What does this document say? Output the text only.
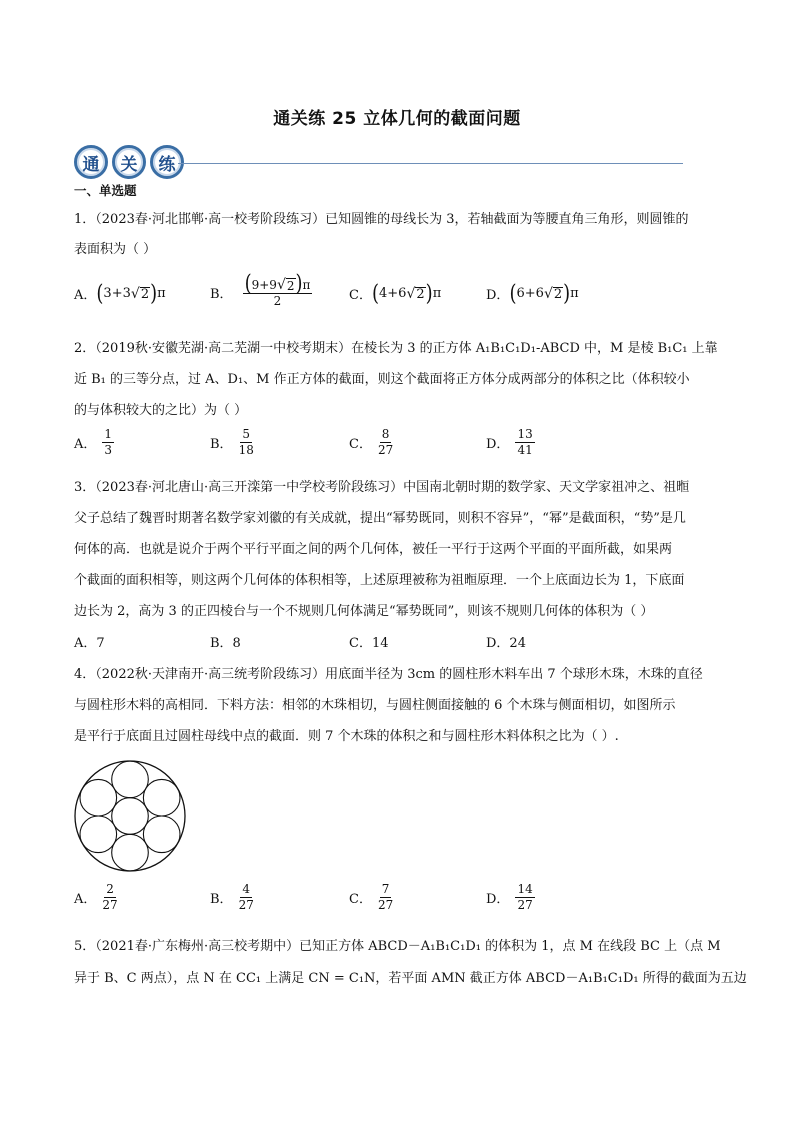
通关练 25 立体几何的截面问题
通	关	练
一、单选题
1．（2023春·河北邯郸·高一校考阶段练习）已知圆锥的母线长为 3，若轴截面为等腰直角三角形，则圆锥的
表面积为（ ）
A． ( 3 + 3 √ 2 ) π	B． $\frac{(9+9 √ 2 )\pi}{2}$	C． ( 4 + 6 √ 2 ) π	D． ( 6 + 6 √ 2 ) π
2．（2019秋·安徽芜湖·高二芜湖一中校考期末）在棱长为 3 的正方体 A₁B₁C₁D₁-ABCD 中，M 是棱 B₁C₁ 上靠
近 B₁ 的三等分点，过 A、D₁、M 作正方体的截面，则这个截面将正方体分成两部分的体积之比（体积较小
的与体积较大的之比）为（ ）
A． $\frac{1}{3}$	B． $\frac{5}{18}$	C． $\frac{8}{27}$	D． $\frac{13}{41}$
3．（2023春·河北唐山·高三开滦第一中学校考阶段练习）中国南北朝时期的数学家、天文学家祖冲之、祖暅
父子总结了魏晋时期著名数学家刘徽的有关成就，提出“幂势既同，则积不容异”，“幂”是截面积，“势”是几
何体的高．也就是说介于两个平行平面之间的两个几何体，被任一平行于这两个平面的平面所截，如果两
个截面的面积相等，则这两个几何体的体积相等，上述原理被称为祖暅原理．一个上底面边长为 1，下底面
边长为 2，高为 3 的正四棱台与一个不规则几何体满足“幂势既同”，则该不规则几何体的体积为（ ）
A．7	B．8	C．14	D．24
4．（2022秋·天津南开·高三统考阶段练习）用底面半径为 3cm 的圆柱形木料车出 7 个球形木珠，木珠的直径
与圆柱形木料的高相同．下料方法：相邻的木珠相切，与圆柱侧面接触的 6 个木珠与侧面相切，如图所示
是平行于底面且过圆柱母线中点的截面．则 7 个木珠的体积之和与圆柱形木料体积之比为（ ）.
A． $\frac{2}{27}$	B． $\frac{4}{27}$	C． $\frac{7}{27}$	D． $\frac{14}{27}$
5．（2021春·广东梅州·高三校考期中）已知正方体 ABCD－A₁B₁C₁D₁ 的体积为 1，点 M 在线段 BC 上（点 M
异于 B、C 两点），点 N 在 CC₁ 上满足 CN = C₁N，若平面 AMN 截正方体 ABCD－A₁B₁C₁D₁ 所得的截面为五边
